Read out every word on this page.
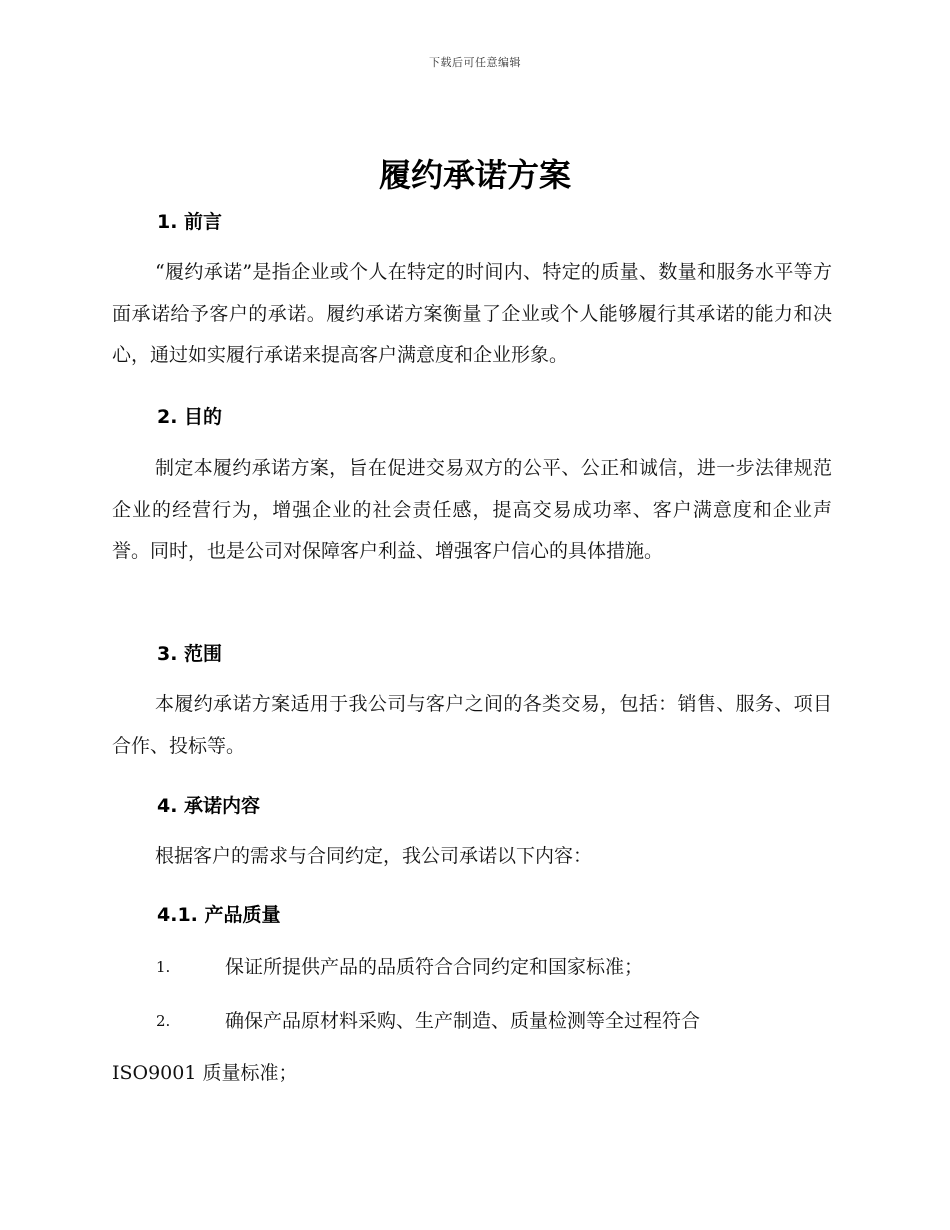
下载后可任意编辑
履约承诺方案
1. 前言

“履约承诺”是指企业或个人在特定的时间内、特定的质量、数量和服务水平等方面承诺给予客户的承诺。履约承诺方案衡量了企业或个人能够履行其承诺的能力和决心，通过如实履行承诺来提高客户满意度和企业形象。

2. 目的

制定本履约承诺方案，旨在促进交易双方的公平、公正和诚信，进一步法律规范企业的经营行为，增强企业的社会责任感，提高交易成功率、客户满意度和企业声誉。同时，也是公司对保障客户利益、增强客户信心的具体措施。

3. 范围

本履约承诺方案适用于我公司与客户之间的各类交易，包括：销售、服务、项目合作、投标等。

4. 承诺内容

根据客户的需求与合同约定，我公司承诺以下内容：

4.1. 产品质量
1.	保证所提供产品的品质符合合同约定和国家标准；
2.	确保产品原材料采购、生产制造、质量检测等全过程符合
ISO9001 质量标准；
